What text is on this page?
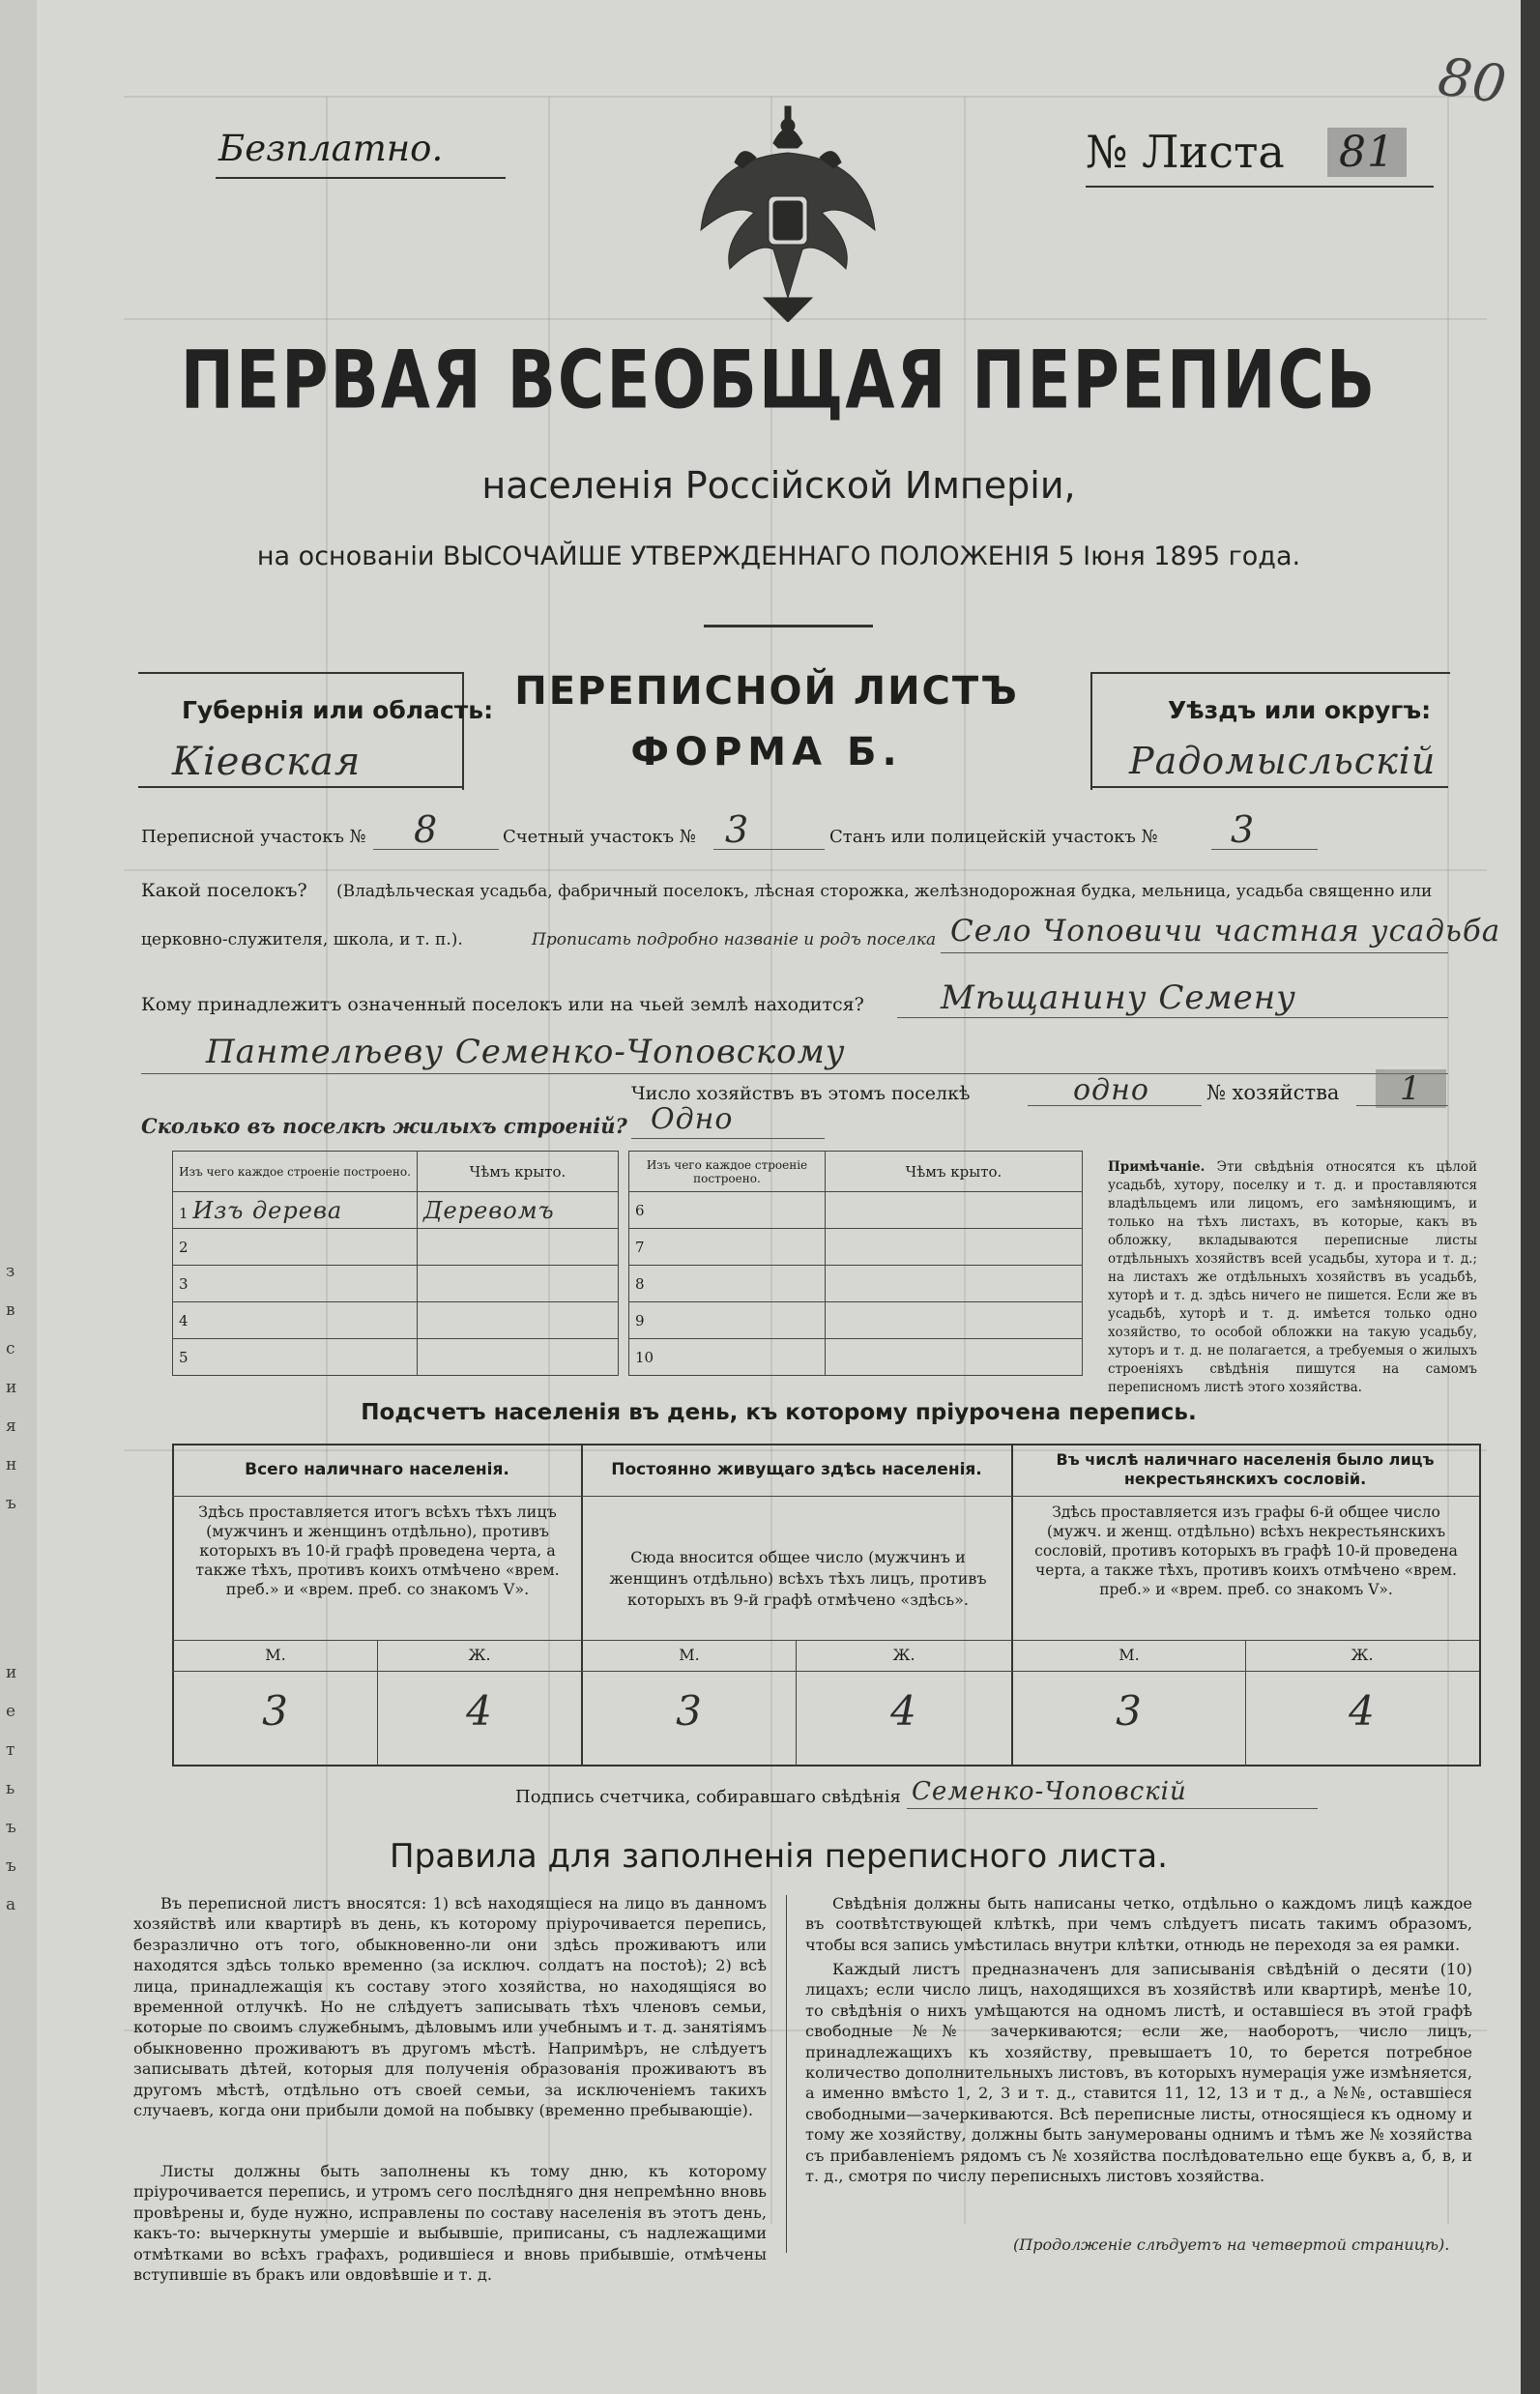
з
в
с
и
я
н
ъ
и
е
т
ь
ъ
ъ
а
80
Безплатно.	№ Листа 81
ПЕРВАЯ ВСЕОБЩАЯ ПЕРЕПИСЬ
населенія Россійской Имперіи,
на основаніи ВЫСОЧАЙШЕ УТВЕРЖДЕННАГО ПОЛОЖЕНІЯ 5 Іюня 1895 года.
Губернія или область:
Кіевская
ПЕРЕПИСНОЙ ЛИСТЪ
ФОРМА Б.
Уѣздъ или округъ:
Радомысльскій
Переписной участокъ № 8	Счетный участокъ № 3	Станъ или полицейскій участокъ № 3
Какой поселокъ? (Владѣльческая усадьба, фабричный поселокъ, лѣсная сторожка, желѣзнодорожная будка, мельница, усадьба священно или
церковно-служителя, школа, и т. п.).	Прописать подробно названіе и родъ поселка Село Чоповичи частная усадьба
Кому принадлежитъ означенный поселокъ или на чьей землѣ находится? Мѣщанину Семену
Пантелѣеву Семенко-Чоповскому
Число хозяйствъ въ этомъ поселкѣ	одно	№ хозяйства	1
Сколько въ поселкѣ жилыхъ строеній? Одно
Изъ чего каждое строеніе построено.	Чѣмъ крыто.
1 Изъ дерева	Деревомъ
2	
3	
4	
5	
Изъ чего каждое строеніе построено.	Чѣмъ крыто.
6	
7	
8	
9	
10	
Примѣчаніе. Эти свѣдѣнія относятся къ цѣлой усадьбѣ, хутору, поселку и т. д. и проставляются владѣльцемъ или лицомъ, его замѣняющимъ, и только на тѣхъ листахъ, въ которые, какъ въ обложку, вкладываются переписные листы отдѣльныхъ хозяйствъ всей усадьбы, хутора и т. д.; на листахъ же отдѣльныхъ хозяйствъ въ усадьбѣ, хуторѣ и т. д. здѣсь ничего не пишется. Если же въ усадьбѣ, хуторѣ и т. д. имѣется только одно хозяйство, то особой обложки на такую усадьбу, хуторъ и т. д. не полагается, а требуемыя о жилыхъ строеніяхъ свѣдѣнія пишутся на самомъ переписномъ листѣ этого хозяйства.
Подсчетъ населенія въ день, къ которому пріурочена перепись.
Всего наличнаго населенія.
Здѣсь проставляется итогъ всѣхъ тѣхъ лицъ (мужчинъ и женщинъ отдѣльно), противъ которыхъ въ 10-й графѣ проведена черта, а также тѣхъ, противъ коихъ отмѣчено «врем. преб.» и «врем. преб. со знакомъ V».
М.	Ж.
3	4
Постоянно живущаго здѣсь населенія.
Сюда вносится общее число (мужчинъ и женщинъ отдѣльно) всѣхъ тѣхъ лицъ, противъ которыхъ въ 9-й графѣ отмѣчено «здѣсь».
М.	Ж.
3	4
Въ числѣ наличнаго населенія было лицъ некрестьянскихъ сословій.
Здѣсь проставляется изъ графы 6-й общее число (мужч. и женщ. отдѣльно) всѣхъ некрестьянскихъ сословій, противъ которыхъ въ графѣ 10-й проведена черта, а также тѣхъ, противъ коихъ отмѣчено «врем. преб.» и «врем. преб. со знакомъ V».
М.	Ж.
3	4
Подпись счетчика, собиравшаго свѣдѣнія Семенко-Чоповскій
Правила для заполненія переписного листа.
Въ переписной листъ вносятся: 1) всѣ находящіеся на лицо въ данномъ хозяйствѣ или квартирѣ въ день, къ которому пріурочивается перепись, безразлично отъ того, обыкновенно-ли они здѣсь проживаютъ или находятся здѣсь только временно (за исключ. солдатъ на постоѣ); 2) всѣ лица, принадлежащія къ составу этого хозяйства, но находящіяся во временной отлучкѣ. Но не слѣдуетъ записывать тѣхъ членовъ семьи, которые по своимъ служебнымъ, дѣловымъ или учебнымъ и т. д. занятіямъ обыкновенно проживаютъ въ другомъ мѣстѣ. Напримѣръ, не слѣдуетъ записывать дѣтей, которыя для полученія образованія проживаютъ въ другомъ мѣстѣ, отдѣльно отъ своей семьи, за исключеніемъ такихъ случаевъ, когда они прибыли домой на побывку (временно пребывающіе).
Листы должны быть заполнены къ тому дню, къ которому пріурочивается перепись, и утромъ сего послѣдняго дня непремѣнно вновь провѣрены и, буде нужно, исправлены по составу населенія въ этотъ день, какъ-то: вычеркнуты умершіе и выбывшіе, приписаны, съ надлежащими отмѣтками во всѣхъ графахъ, родившіеся и вновь прибывшіе, отмѣчены вступившіе въ бракъ или овдовѣвшіе и т. д.
Свѣдѣнія должны быть написаны четко, отдѣльно о каждомъ лицѣ каждое въ соотвѣтствующей клѣткѣ, при чемъ слѣдуетъ писать такимъ образомъ, чтобы вся запись умѣстилась внутри клѣтки, отнюдь не переходя за ея рамки.
Каждый листъ предназначенъ для записыванія свѣдѣній о десяти (10) лицахъ; если число лицъ, находящихся въ хозяйствѣ или квартирѣ, менѣе 10, то свѣдѣнія о нихъ умѣщаются на одномъ листѣ, и оставшіеся въ этой графѣ свободные №№ зачеркиваются; если же, наоборотъ, число лицъ, принадлежащихъ къ хозяйству, превышаетъ 10, то берется потребное количество дополнительныхъ листовъ, въ которыхъ нумерація уже измѣняется, а именно вмѣсто 1, 2, 3 и т. д., ставится 11, 12, 13 и т д., а №№, оставшіеся свободными—зачеркиваются. Всѣ переписные листы, относящіеся къ одному и тому же хозяйству, должны быть занумерованы однимъ и тѣмъ же № хозяйства съ прибавленіемъ рядомъ съ № хозяйства послѣдовательно еще буквъ а, б, в, и т. д., смотря по числу переписныхъ листовъ хозяйства.
(Продолженіе слѣдуетъ на четвертой страницѣ).
